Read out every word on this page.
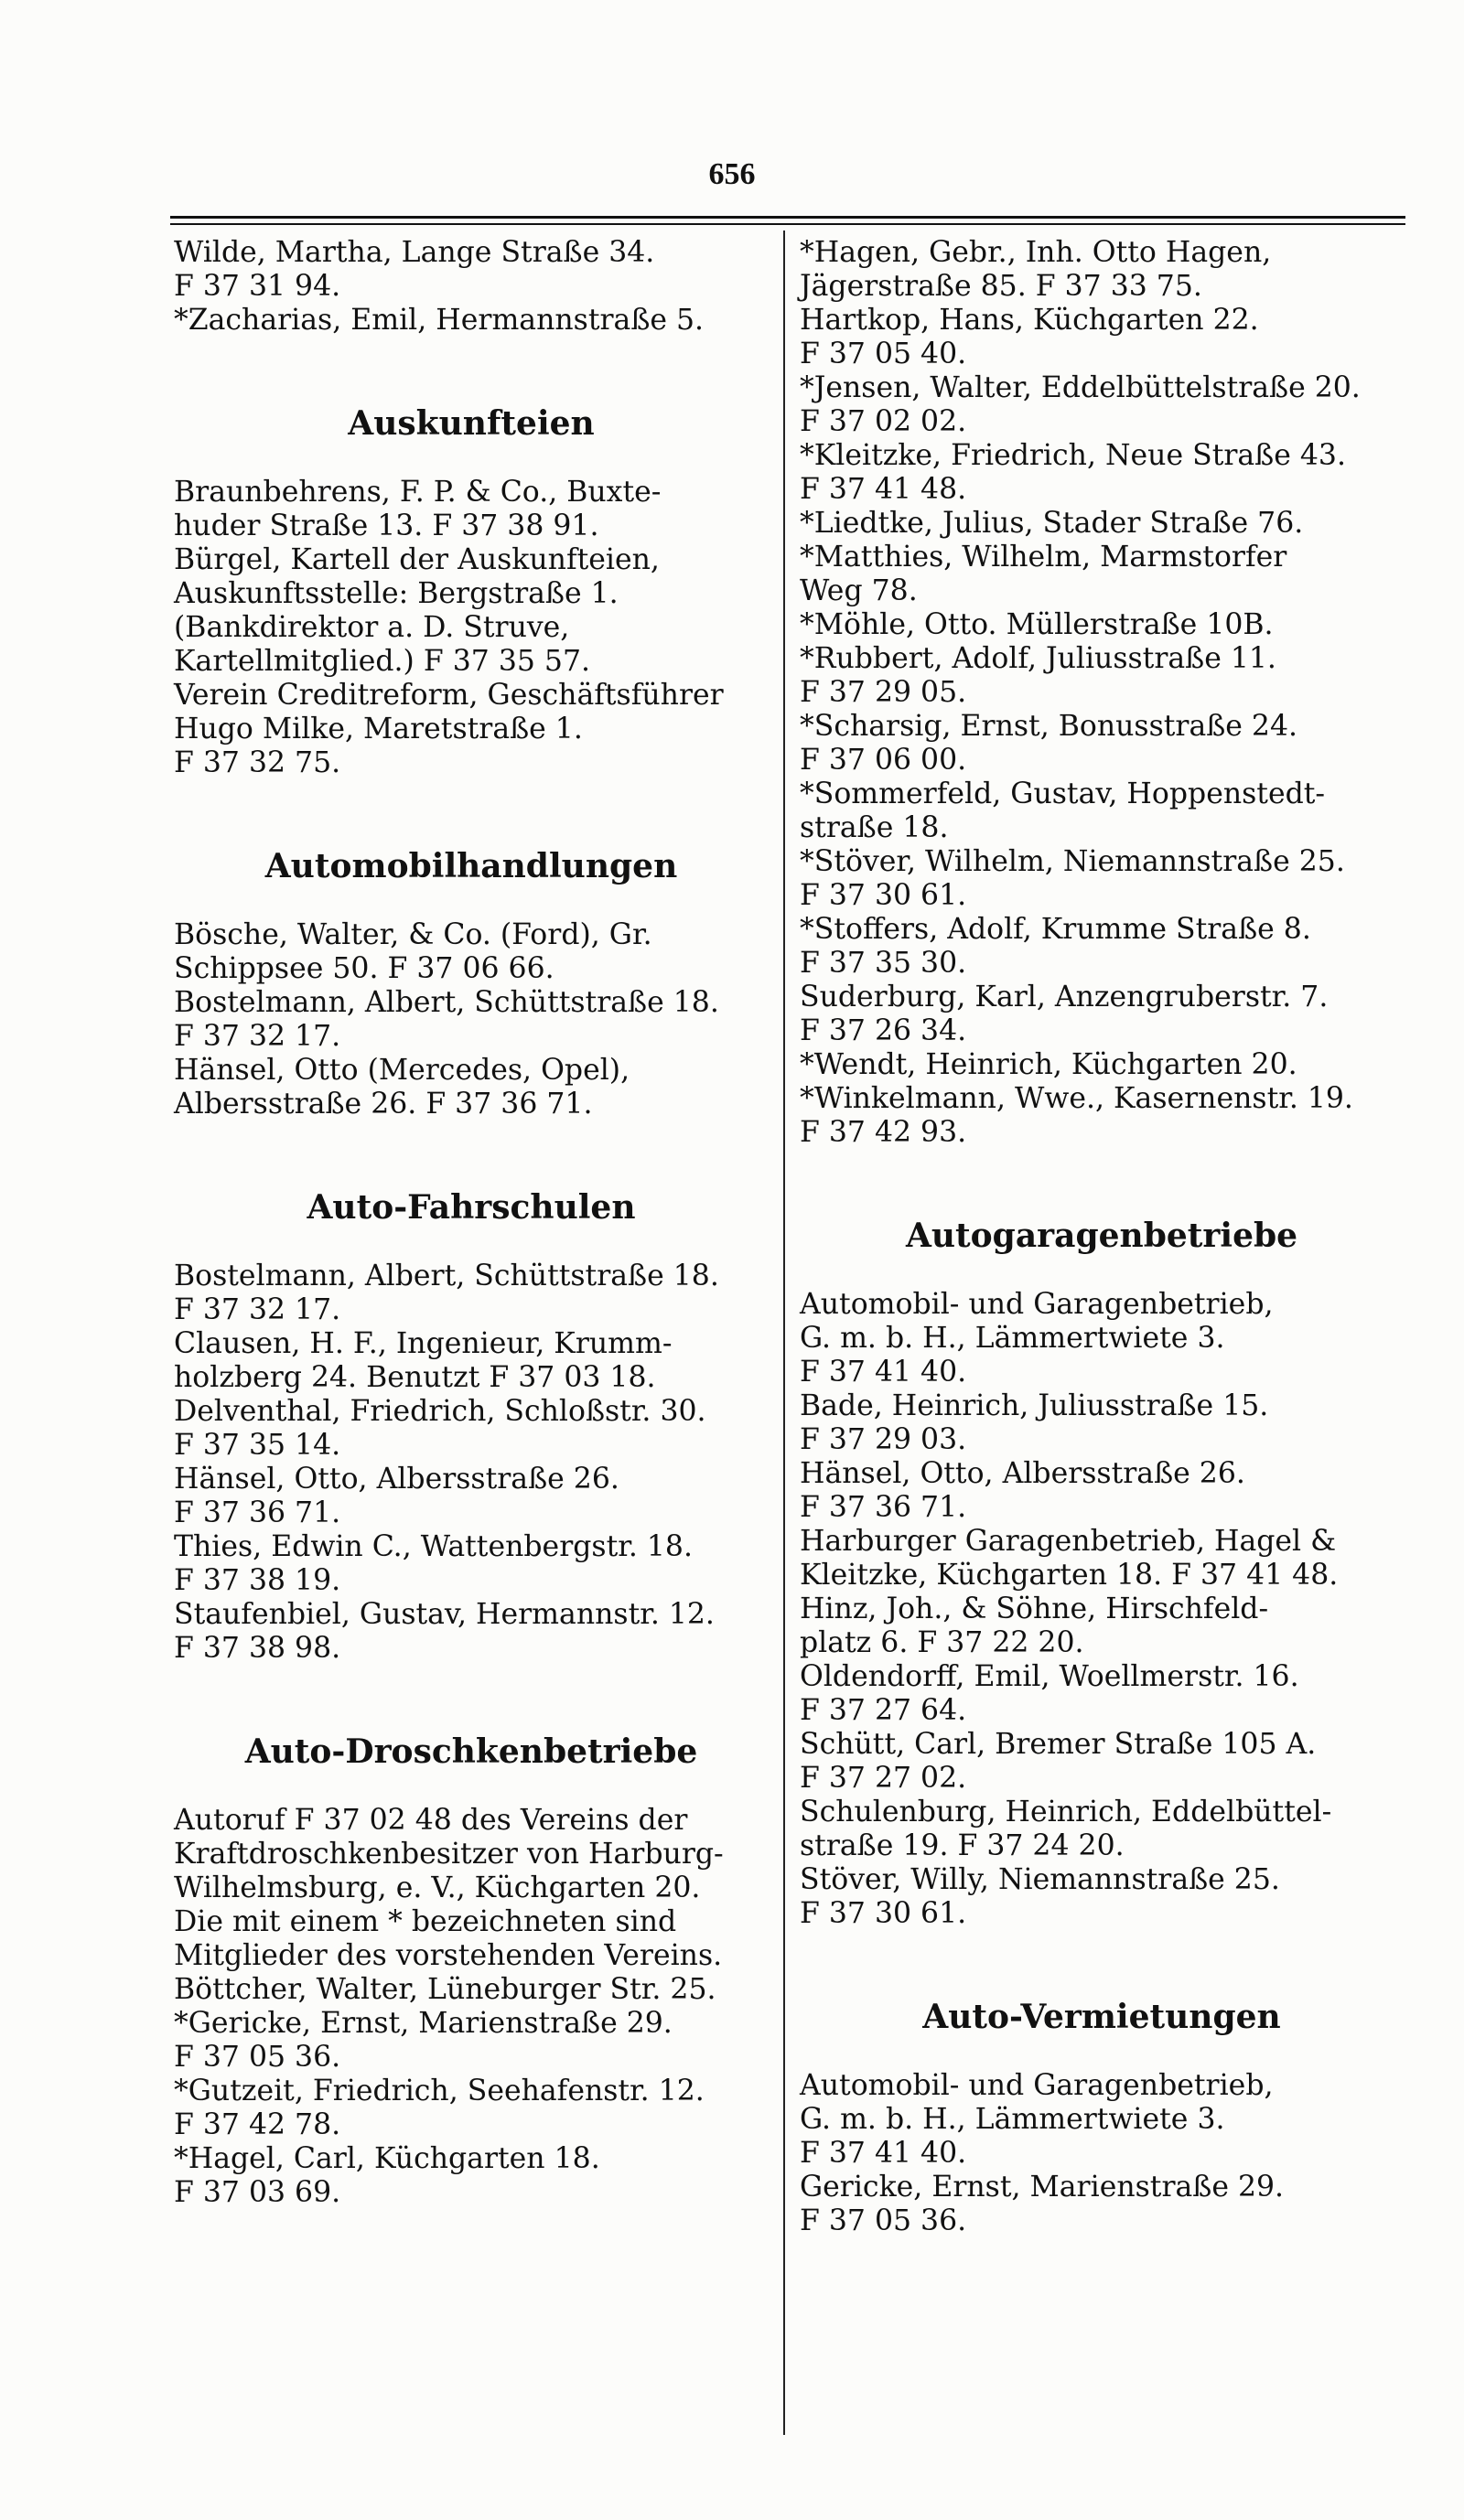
656

Wilde, Martha, Lange Straße 34.
F 37 31 94.

*Zacharias, Emil, Hermannstraße 5.

Auskunfteien

Braunbehrens, F. P. & Co., Buxte-
huder Straße 13. F 37 38 91.

Bürgel, Kartell der Auskunfteien,
Auskunftsstelle: Bergstraße 1.
(Bankdirektor a. D. Struve,
Kartellmitglied.) F 37 35 57.

Verein Creditreform, Geschäftsführer
Hugo Milke, Maretstraße 1.
F 37 32 75.

Automobilhandlungen

Bösche, Walter, & Co. (Ford), Gr.
Schippsee 50. F 37 06 66.

Bostelmann, Albert, Schüttstraße 18.
F 37 32 17.

Hänsel, Otto (Mercedes, Opel),
Albersstraße 26. F 37 36 71.

Auto-Fahrschulen

Bostelmann, Albert, Schüttstraße 18.
F 37 32 17.

Clausen, H. F., Ingenieur, Krumm-
holzberg 24. Benutzt F 37 03 18.

Delventhal, Friedrich, Schloßstr. 30.
F 37 35 14.

Hänsel, Otto, Albersstraße 26.
F 37 36 71.

Thies, Edwin C., Wattenbergstr. 18.
F 37 38 19.

Staufenbiel, Gustav, Hermannstr. 12.
F 37 38 98.

Auto-Droschkenbetriebe

Autoruf F 37 02 48 des Vereins der
Kraftdroschkenbesitzer von Harburg-
Wilhelmsburg, e. V., Küchgarten 20.

Die mit einem * bezeichneten sind
Mitglieder des vorstehenden Vereins.

Böttcher, Walter, Lüneburger Str. 25.

*Gericke, Ernst, Marienstraße 29.
F 37 05 36.

*Gutzeit, Friedrich, Seehafenstr. 12.
F 37 42 78.

*Hagel, Carl, Küchgarten 18.
F 37 03 69.

*Hagen, Gebr., Inh. Otto Hagen,
Jägerstraße 85. F 37 33 75.

Hartkop, Hans, Küchgarten 22.
F 37 05 40.

*Jensen, Walter, Eddelbüttelstraße 20.
F 37 02 02.

*Kleitzke, Friedrich, Neue Straße 43.
F 37 41 48.

*Liedtke, Julius, Stader Straße 76.

*Matthies, Wilhelm, Marmstorfer
Weg 78.

*Möhle, Otto. Müllerstraße 10B.

*Rubbert, Adolf, Juliusstraße 11.
F 37 29 05.

*Scharsig, Ernst, Bonusstraße 24.
F 37 06 00.

*Sommerfeld, Gustav, Hoppenstedt-
straße 18.

*Stöver, Wilhelm, Niemannstraße 25.
F 37 30 61.

*Stoffers, Adolf, Krumme Straße 8.
F 37 35 30.

Suderburg, Karl, Anzengruberstr. 7.
F 37 26 34.

*Wendt, Heinrich, Küchgarten 20.

*Winkelmann, Wwe., Kasernenstr. 19.
F 37 42 93.

Autogaragenbetriebe

Automobil- und Garagenbetrieb,
G. m. b. H., Lämmertwiete 3.
F 37 41 40.

Bade, Heinrich, Juliusstraße 15.
F 37 29 03.

Hänsel, Otto, Albersstraße 26.
F 37 36 71.

Harburger Garagenbetrieb, Hagel &
Kleitzke, Küchgarten 18. F 37 41 48.

Hinz, Joh., & Söhne, Hirschfeld-
platz 6. F 37 22 20.

Oldendorff, Emil, Woellmerstr. 16.
F 37 27 64.

Schütt, Carl, Bremer Straße 105 A.
F 37 27 02.

Schulenburg, Heinrich, Eddelbüttel-
straße 19. F 37 24 20.

Stöver, Willy, Niemannstraße 25.
F 37 30 61.

Auto-Vermietungen

Automobil- und Garagenbetrieb,
G. m. b. H., Lämmertwiete 3.
F 37 41 40.

Gericke, Ernst, Marienstraße 29.
F 37 05 36.
